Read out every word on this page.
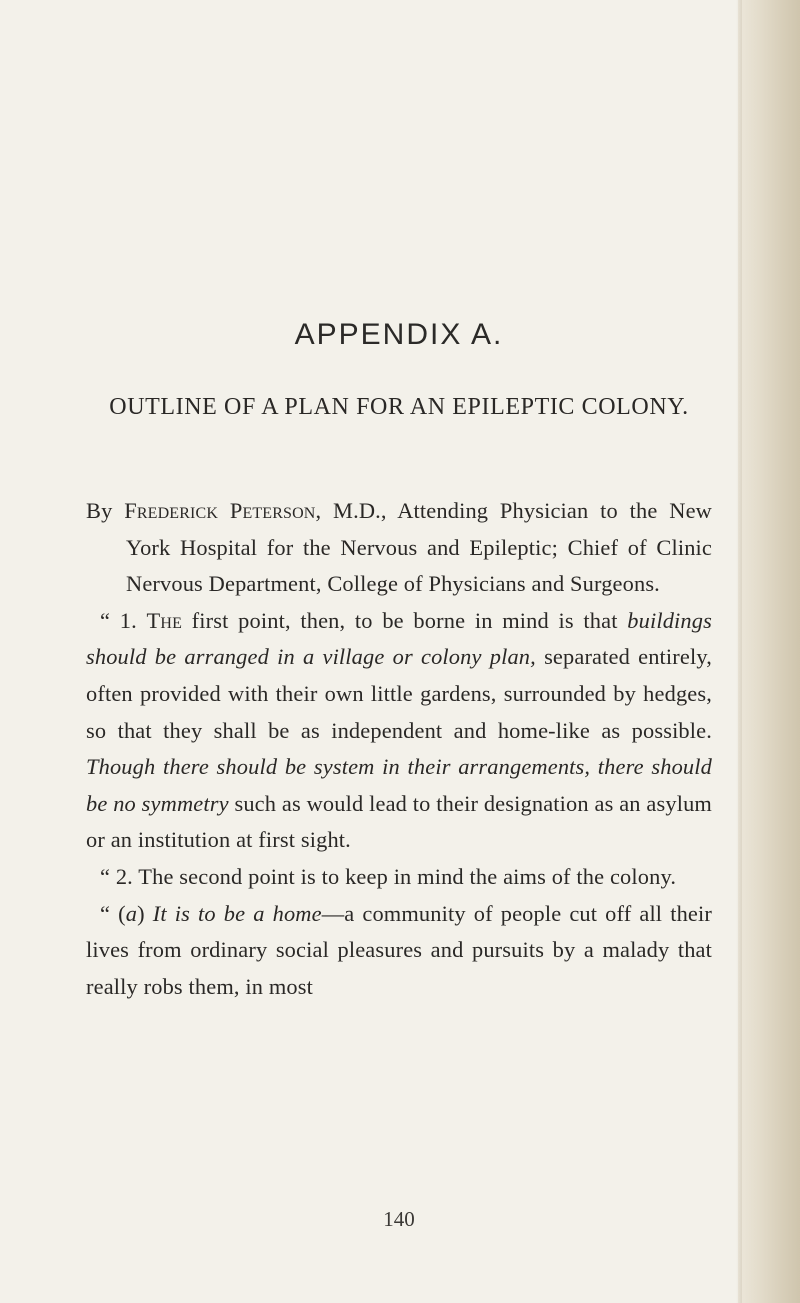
APPENDIX A.
OUTLINE OF A PLAN FOR AN EPILEPTIC COLONY.

By Frederick Peterson, M.D., Attending Physician to the New York Hospital for the Nervous and Epileptic; Chief of Clinic Nervous Department, College of Physicians and Surgeons.

“ 1. The first point, then, to be borne in mind is that buildings should be arranged in a village or colony plan, separated entirely, often provided with their own little gardens, surrounded by hedges, so that they shall be as independent and home-like as possible. Though there should be system in their arrangements, there should be no symmetry such as would lead to their designation as an asylum or an institution at first sight.

“ 2. The second point is to keep in mind the aims of the colony.

“ (a) It is to be a home—a community of people cut off all their lives from ordinary social pleasures and pursuits by a malady that really robs them, in most

140
